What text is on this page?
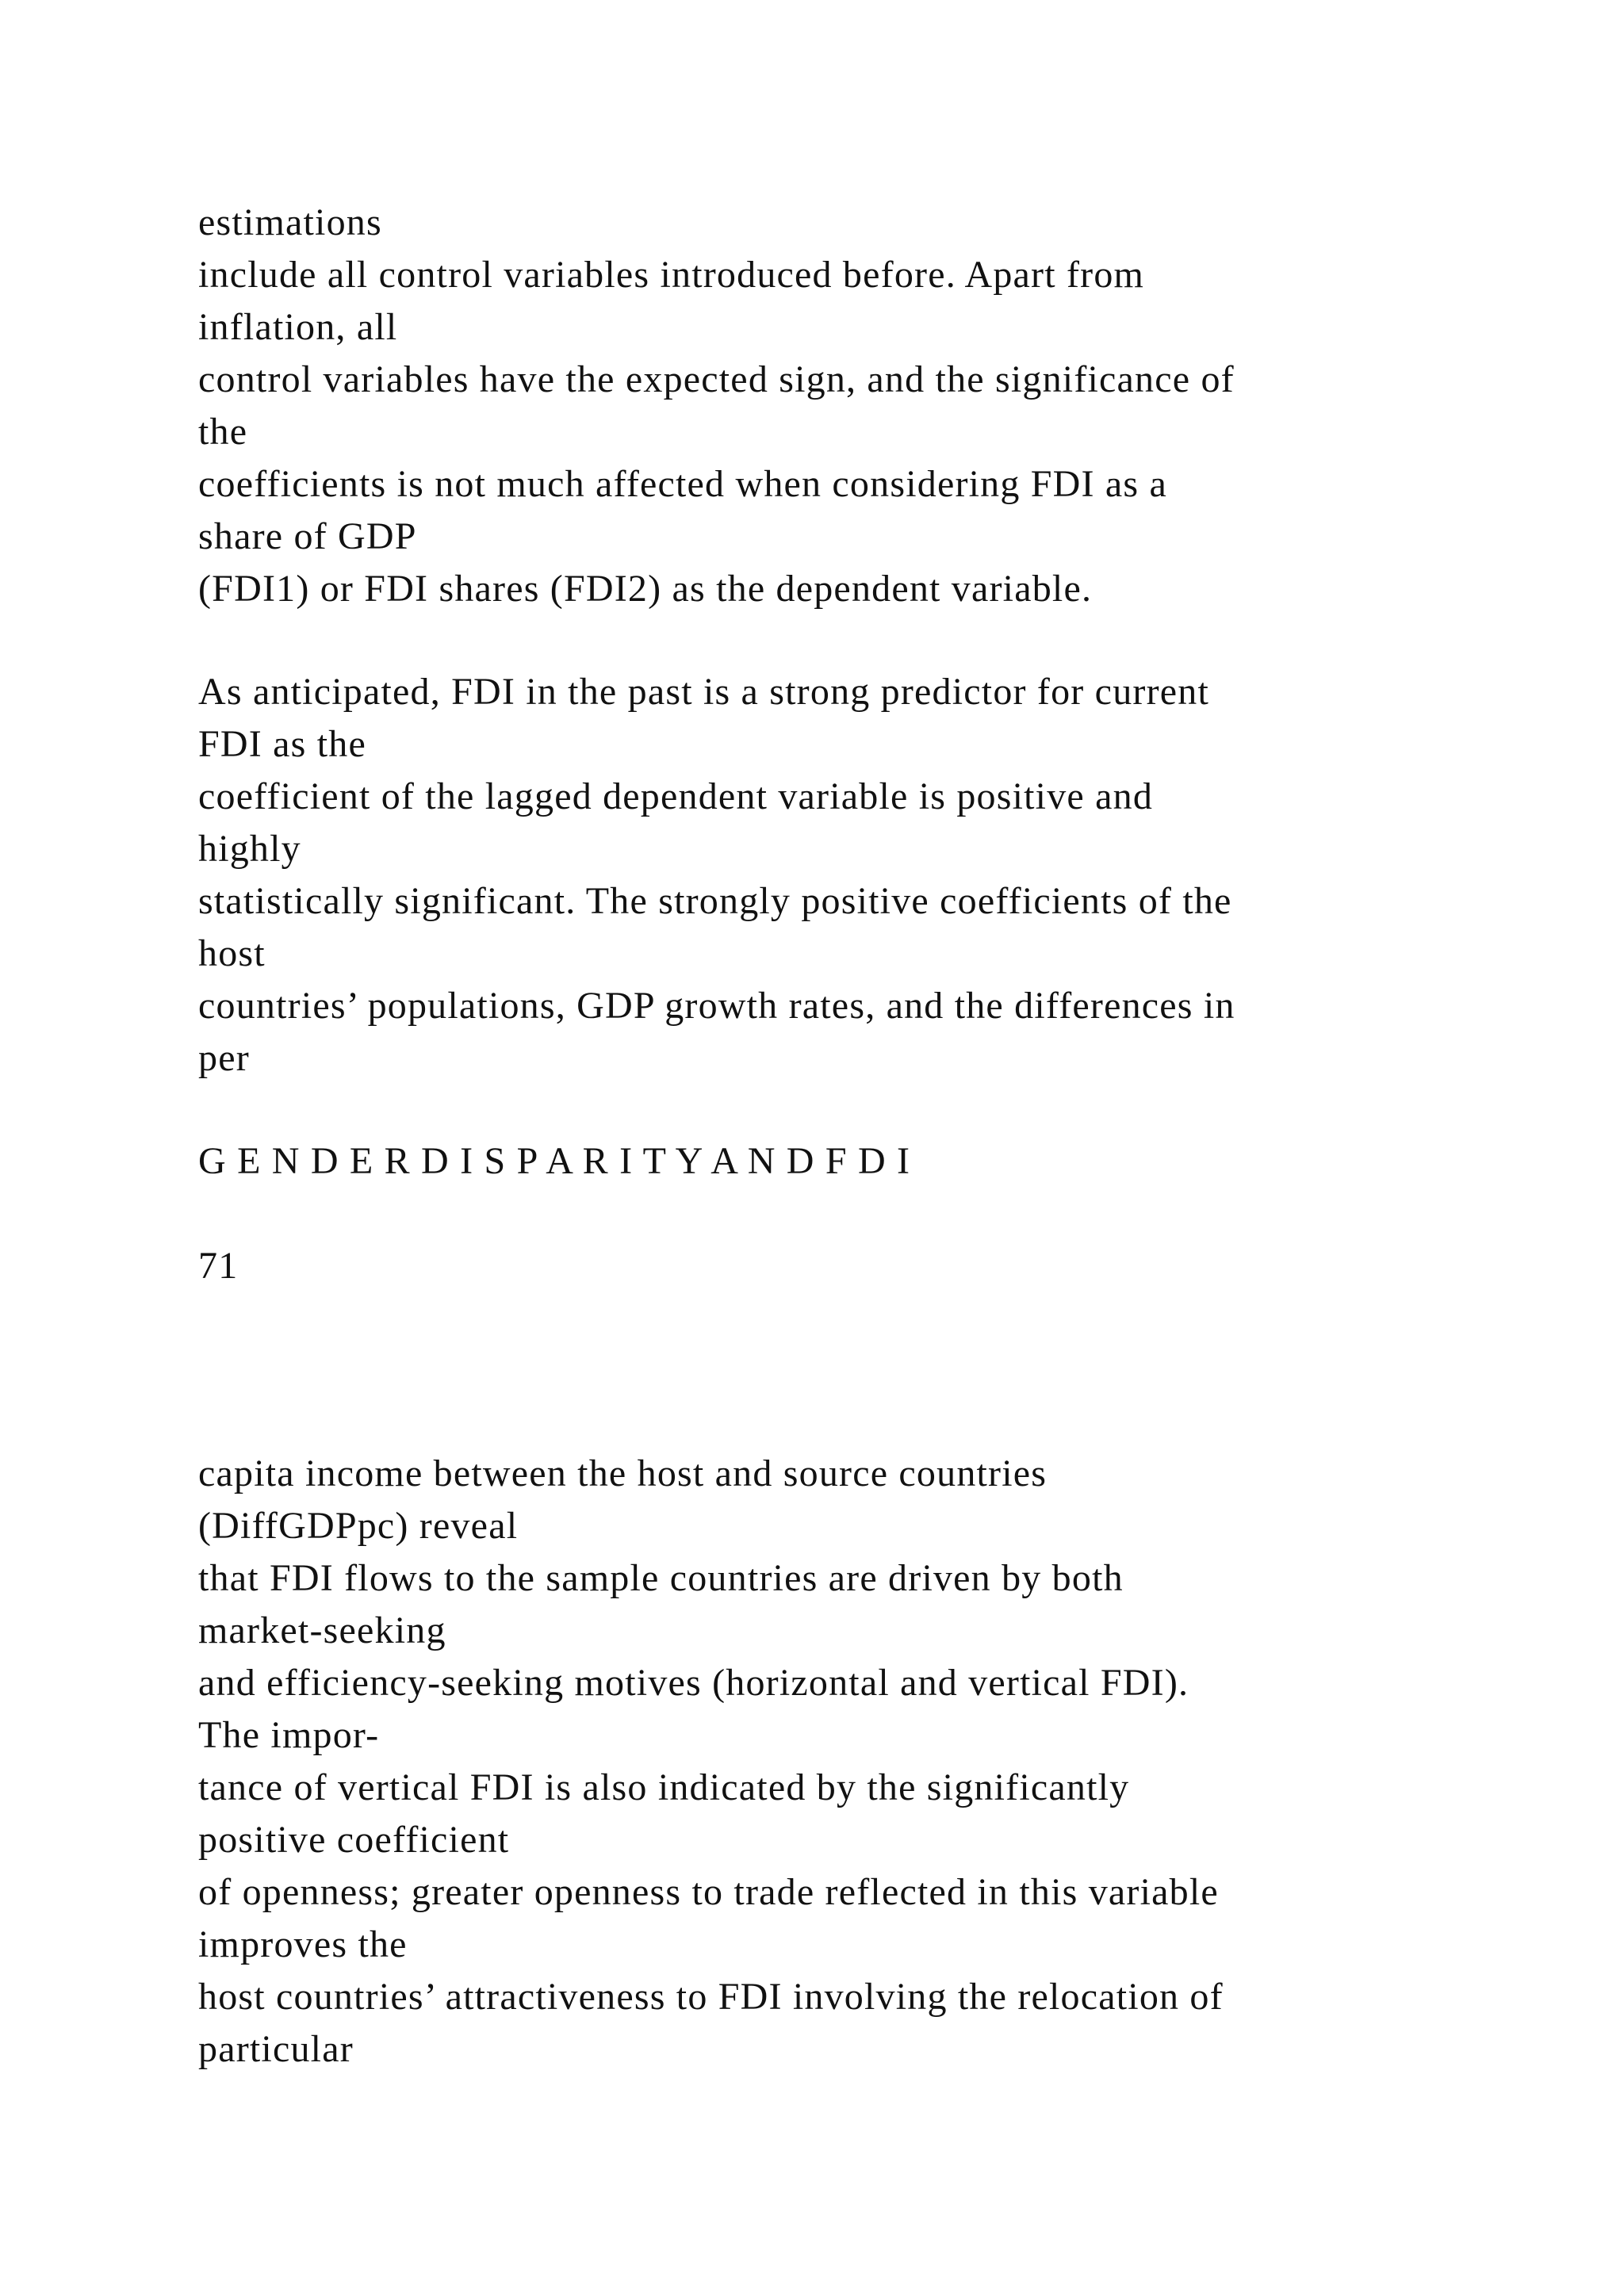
estimations
include all control variables introduced before. Apart from
inflation, all
control variables have the expected sign, and the significance of
the
coefficients is not much affected when considering FDI as a
share of GDP
(FDI1) or FDI shares (FDI2) as the dependent variable.
As anticipated, FDI in the past is a strong predictor for current
FDI as the
coefficient of the lagged dependent variable is positive and
highly
statistically significant. The strongly positive coefficients of the
host
countries’ populations, GDP growth rates, and the differences in
per
G E N D E R D I S P A R I T Y A N D F D I
71
capita income between the host and source countries
(DiffGDPpc) reveal
that FDI flows to the sample countries are driven by both
market-seeking
and efficiency-seeking motives (horizontal and vertical FDI).
The impor-
tance of vertical FDI is also indicated by the significantly
positive coefficient
of openness; greater openness to trade reflected in this variable
improves the
host countries’ attractiveness to FDI involving the relocation of
particular
